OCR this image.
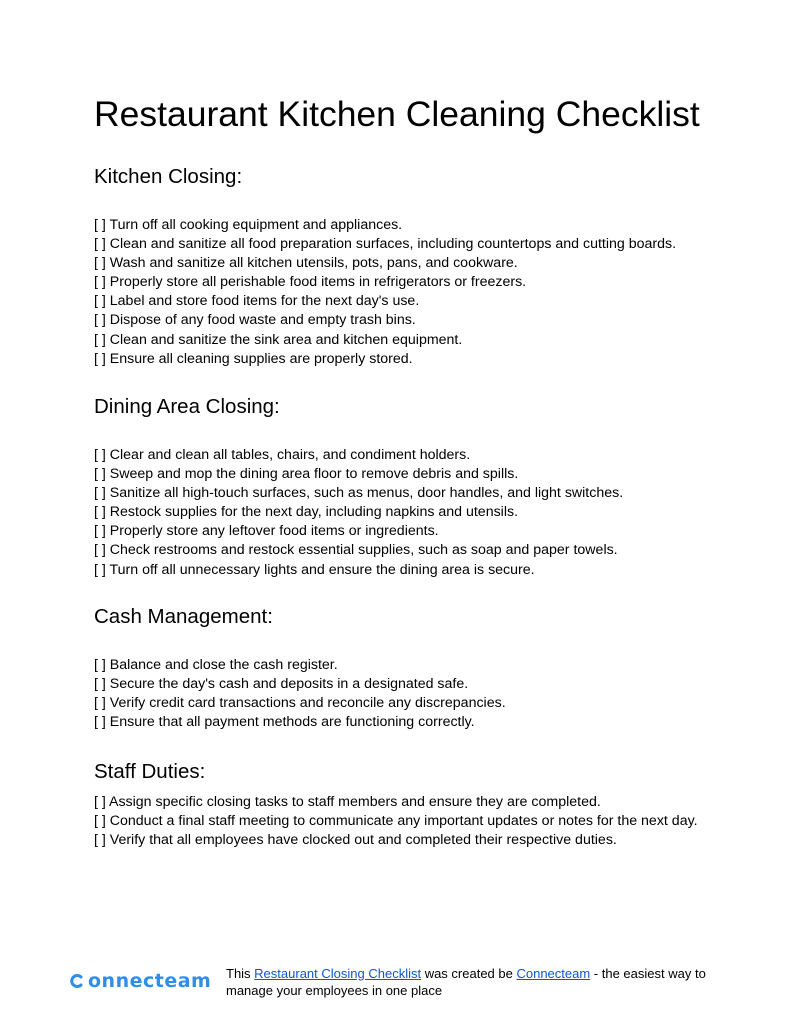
Restaurant Kitchen Cleaning Checklist
Kitchen Closing:
[ ] Turn off all cooking equipment and appliances.
[ ] Clean and sanitize all food preparation surfaces, including countertops and cutting boards.
[ ] Wash and sanitize all kitchen utensils, pots, pans, and cookware.
[ ] Properly store all perishable food items in refrigerators or freezers.
[ ] Label and store food items for the next day's use.
[ ] Dispose of any food waste and empty trash bins.
[ ] Clean and sanitize the sink area and kitchen equipment.
[ ] Ensure all cleaning supplies are properly stored.
Dining Area Closing:
[ ] Clear and clean all tables, chairs, and condiment holders.
[ ] Sweep and mop the dining area floor to remove debris and spills.
[ ] Sanitize all high-touch surfaces, such as menus, door handles, and light switches.
[ ] Restock supplies for the next day, including napkins and utensils.
[ ] Properly store any leftover food items or ingredients.
[ ] Check restrooms and restock essential supplies, such as soap and paper towels.
[ ] Turn off all unnecessary lights and ensure the dining area is secure.
Cash Management:
[ ] Balance and close the cash register.
[ ] Secure the day's cash and deposits in a designated safe.
[ ] Verify credit card transactions and reconcile any discrepancies.
[ ] Ensure that all payment methods are functioning correctly.
Staff Duties:
[ ] Assign specific closing tasks to staff members and ensure they are completed.
[ ] Conduct a final staff meeting to communicate any important updates or notes for the next day.
[ ] Verify that all employees have clocked out and completed their respective duties.
onnecteam This Restaurant Closing Checklist was created be Connecteam - the easiest way to manage your employees in one place
